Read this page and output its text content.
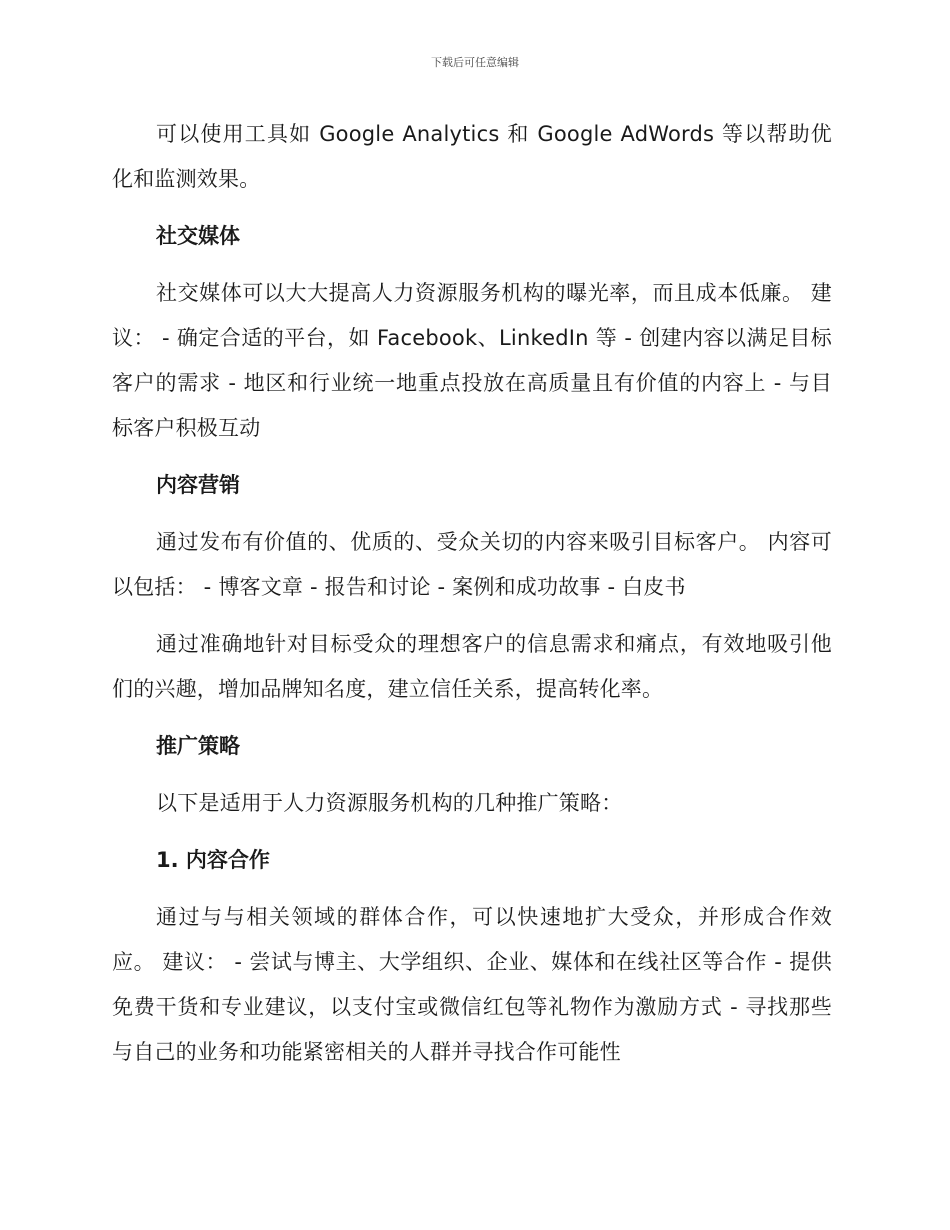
下载后可任意编辑

可以使用工具如 Google Analytics 和 Google AdWords 等以帮助优化和监测效果。

社交媒体

社交媒体可以大大提高人力资源服务机构的曝光率，而且成本低廉。 建议： - 确定合适的平台，如 Facebook、LinkedIn 等 - 创建内容以满足目标客户的需求 - 地区和行业统一地重点投放在高质量且有价值的内容上 - 与目标客户积极互动

内容营销

通过发布有价值的、优质的、受众关切的内容来吸引目标客户。 内容可以包括： - 博客文章 - 报告和讨论 - 案例和成功故事 - 白皮书

通过准确地针对目标受众的理想客户的信息需求和痛点，有效地吸引他们的兴趣，增加品牌知名度，建立信任关系，提高转化率。

推广策略

以下是适用于人力资源服务机构的几种推广策略：

1. 内容合作

通过与与相关领域的群体合作，可以快速地扩大受众，并形成合作效应。 建议： - 尝试与博主、大学组织、企业、媒体和在线社区等合作 - 提供免费干货和专业建议，以支付宝或微信红包等礼物作为激励方式 - 寻找那些与自己的业务和功能紧密相关的人群并寻找合作可能性
